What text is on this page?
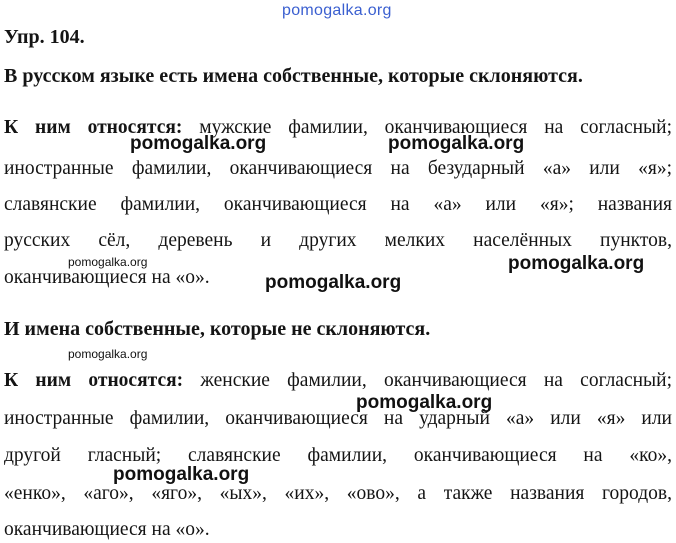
pomogalka.org
Упр. 104.
В русском языке есть имена собственные, которые склоняются.
К ним относятся: мужские фамилии, оканчивающиеся на согласный;
иностранные фамилии, оканчивающиеся на безударный «а» или «я»;
славянские фамилии, оканчивающиеся на «а» или «я»; названия
русских сёл, деревень и других мелких населённых пунктов,
оканчивающиеся на «о».
И имена собственные, которые не склоняются.
К ним относятся: женские фамилии, оканчивающиеся на согласный;
иностранные фамилии, оканчивающиеся на ударный «а» или «я» или
другой гласный; славянские фамилии, оканчивающиеся на «ко»,
«енко», «аго», «яго», «ых», «их», «ово», а также названия городов,
оканчивающиеся на «о».
pomogalka.org	pomogalka.org
pomogalka.org	pomogalka.org
pomogalka.org
pomogalka.org
pomogalka.org
pomogalka.org
